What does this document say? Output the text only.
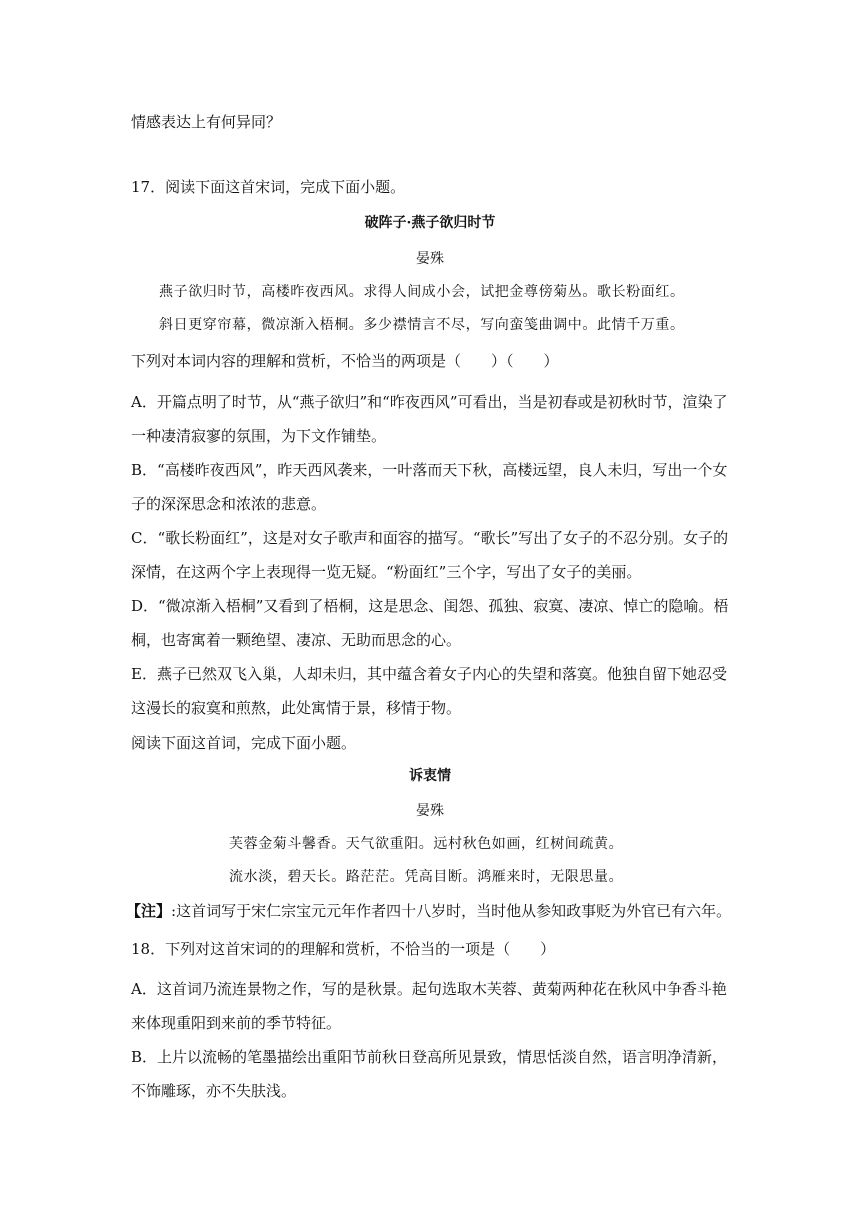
情感表达上有何异同？
17．阅读下面这首宋词，完成下面小题。
破阵子·燕子欲归时节
晏殊
燕子欲归时节，高楼昨夜西风。求得人间成小会，试把金尊傍菊丛。歌长粉面红。
斜日更穿帘幕，微凉渐入梧桐。多少襟情言不尽，写向蛮笺曲调中。此情千万重。
下列对本词内容的理解和赏析，不恰当的两项是（　　）（　　）
A．开篇点明了时节，从“燕子欲归”和“昨夜西风”可看出，当是初春或是初秋时节，渲染了
一种凄清寂寥的氛围，为下文作铺垫。
B．“高楼昨夜西风”，昨天西风袭来，一叶落而天下秋，高楼远望，良人未归，写出一个女
子的深深思念和浓浓的悲意。
C．“歌长粉面红”，这是对女子歌声和面容的描写。“歌长”写出了女子的不忍分别。女子的
深情，在这两个字上表现得一览无疑。“粉面红”三个字，写出了女子的美丽。
D．“微凉渐入梧桐”又看到了梧桐，这是思念、闺怨、孤独、寂寞、凄凉、悼亡的隐喻。梧
桐，也寄寓着一颗绝望、凄凉、无助而思念的心。
E．燕子已然双飞入巢，人却未归，其中蕴含着女子内心的失望和落寞。他独自留下她忍受
这漫长的寂寞和煎熬，此处寓情于景，移情于物。
阅读下面这首词，完成下面小题。
诉衷情
晏殊
芙蓉金菊斗馨香。天气欲重阳。远村秋色如画，红树间疏黄。
流水淡，碧天长。路茫茫。凭高目断。鸿雁来时，无限思量。
【注】:这首词写于宋仁宗宝元元年作者四十八岁时，当时他从参知政事贬为外官已有六年。
18．下列对这首宋词的的理解和赏析，不恰当的一项是（　　）
A．这首词乃流连景物之作，写的是秋景。起句选取木芙蓉、黄菊两种花在秋风中争香斗艳
来体现重阳到来前的季节特征。
B．上片以流畅的笔墨描绘出重阳节前秋日登高所见景致，情思恬淡自然，语言明净清新，
不饰雕琢，亦不失肤浅。
